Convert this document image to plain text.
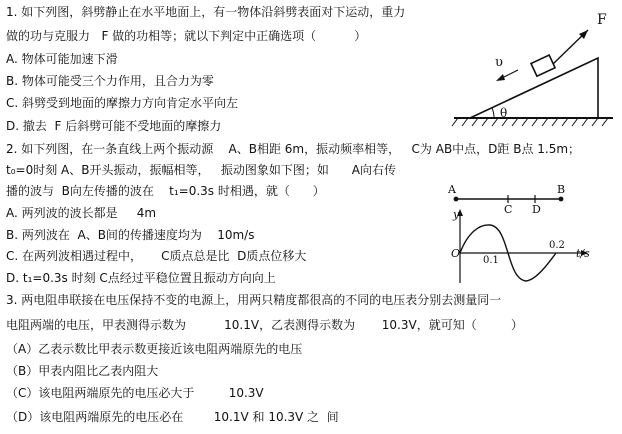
1. 如下列图，斜劈静止在水平地面上，有一物体沿斜劈表面对下运动，重力
做的功与克服力   F 做的功相等；就以下判定中正确选项（          ）
A. 物体可能加速下滑
B. 物体可能受三个力作用，且合力为零
C. 斜劈受到地面的摩擦力方向肯定水平向左
D. 撤去  F 后斜劈可能不受地面的摩擦力
F
υ
θ
2. 如下列图，在一条直线上两个振动源    A、B相距 6m，振动频率相等，   C为 AB中点，D距 B点 1.5m；
t₀=0时刻 A、B开头振动，振幅相等，   振动图象如下图；如      A向右传
播的波与  B向左传播的波在    t₁=0.3s 时相遇，就（      ）
A. 两列波的波长都是     4m
B. 两列波在  A、B间的传播速度均为    10m/s
C. 在两列波相遇过程中，     C质点总是比  D质点位移大
D. t₁=0.3s 时刻 C点经过平稳位置且振动方向向上
A
C D
B
y
O	t/s
0.1
0.2
3. 两电阻串联接在电压保持不变的电源上，用两只精度都很高的不同的电压表分别去测量同一
电阻两端的电压，甲表测得示数为          10.1V，乙表测得示数为       10.3V，就可知（         ）
（A）乙表示数比甲表示数更接近该电阻两端原先的电压
（B）甲表内阻比乙表内阻大
（C）该电阻两端原先的电压必大于         10.3V
（D）该电阻两端原先的电压必在        10.1V 和 10.3V 之  间
